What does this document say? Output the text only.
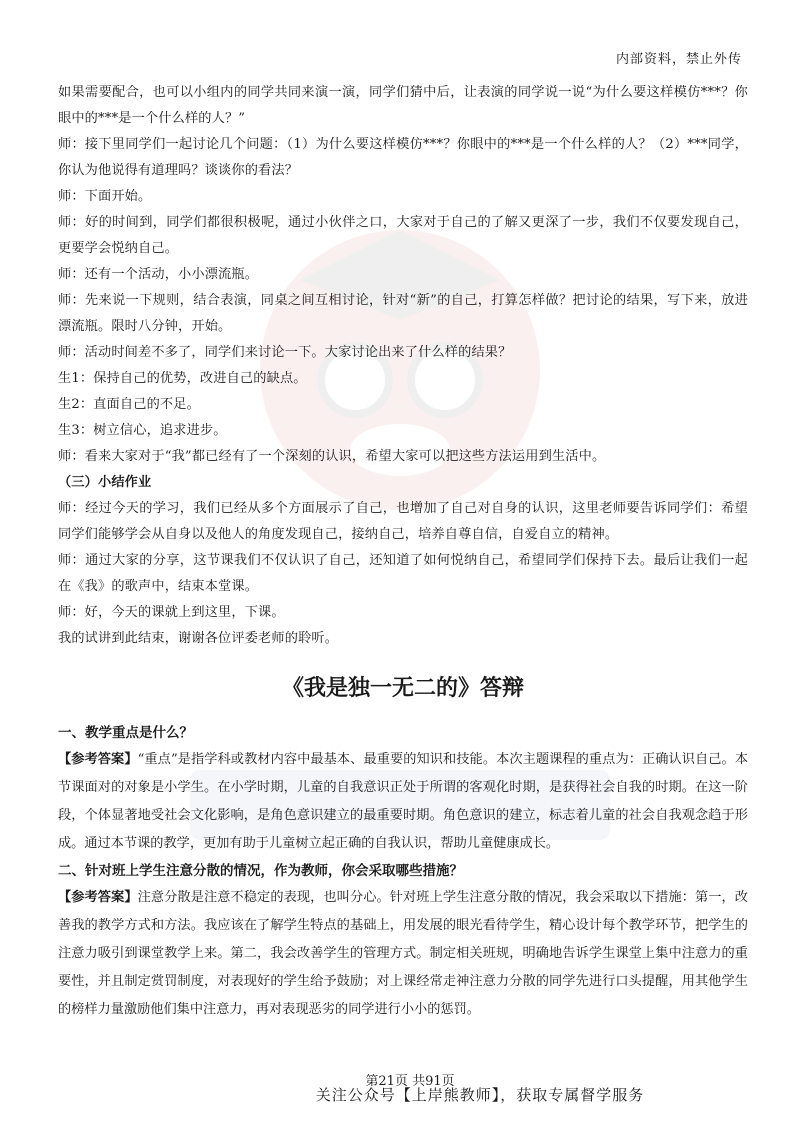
内部资料，禁止外传

如果需要配合，也可以小组内的同学共同来演一演，同学们猜中后，让表演的同学说一说“为什么要这样模仿***？你眼中的***是一个什么样的人？”

师：接下里同学们一起讨论几个问题：（1）为什么要这样模仿***？你眼中的***是一个什么样的人？（2）***同学，你认为他说得有道理吗？谈谈你的看法？

师：下面开始。

师：好的时间到，同学们都很积极呢，通过小伙伴之口，大家对于自己的了解又更深了一步，我们不仅要发现自己，更要学会悦纳自己。

师：还有一个活动，小小漂流瓶。

师：先来说一下规则，结合表演，同桌之间互相讨论，针对“新”的自己，打算怎样做？把讨论的结果，写下来，放进漂流瓶。限时八分钟，开始。

师：活动时间差不多了，同学们来讨论一下。大家讨论出来了什么样的结果？

生1：保持自己的优势，改进自己的缺点。

生2：直面自己的不足。

生3：树立信心，追求进步。

师：看来大家对于“我”都已经有了一个深刻的认识，希望大家可以把这些方法运用到生活中。

（三）小结作业

师：经过今天的学习，我们已经从多个方面展示了自己，也增加了自己对自身的认识，这里老师要告诉同学们：希望同学们能够学会从自身以及他人的角度发现自己，接纳自己，培养自尊自信，自爱自立的精神。

师：通过大家的分享，这节课我们不仅认识了自己，还知道了如何悦纳自己，希望同学们保持下去。最后让我们一起在《我》的歌声中，结束本堂课。

师：好，今天的课就上到这里，下课。

我的试讲到此结束，谢谢各位评委老师的聆听。

《我是独一无二的》答辩

一、教学重点是什么？

【参考答案】“重点”是指学科或教材内容中最基本、最重要的知识和技能。本次主题课程的重点为：正确认识自己。本节课面对的对象是小学生。在小学时期，儿童的自我意识正处于所谓的客观化时期，是获得社会自我的时期。在这一阶段，个体显著地受社会文化影响，是角色意识建立的最重要时期。角色意识的建立，标志着儿童的社会自我观念趋于形成。通过本节课的教学，更加有助于儿童树立起正确的自我认识，帮助儿童健康成长。

二、针对班上学生注意分散的情况，作为教师，你会采取哪些措施？

【参考答案】注意分散是注意不稳定的表现，也叫分心。针对班上学生注意分散的情况，我会采取以下措施：第一，改善我的教学方式和方法。我应该在了解学生特点的基础上，用发展的眼光看待学生，精心设计每个教学环节，把学生的注意力吸引到课堂教学上来。第二，我会改善学生的管理方式。制定相关班规，明确地告诉学生课堂上集中注意力的重要性，并且制定赏罚制度，对表现好的学生给予鼓励；对上课经常走神注意力分散的同学先进行口头提醒，用其他学生的榜样力量激励他们集中注意力，再对表现恶劣的同学进行小小的惩罚。

第21页 共91页
关注公众号【上岸熊教师】，获取专属督学服务
